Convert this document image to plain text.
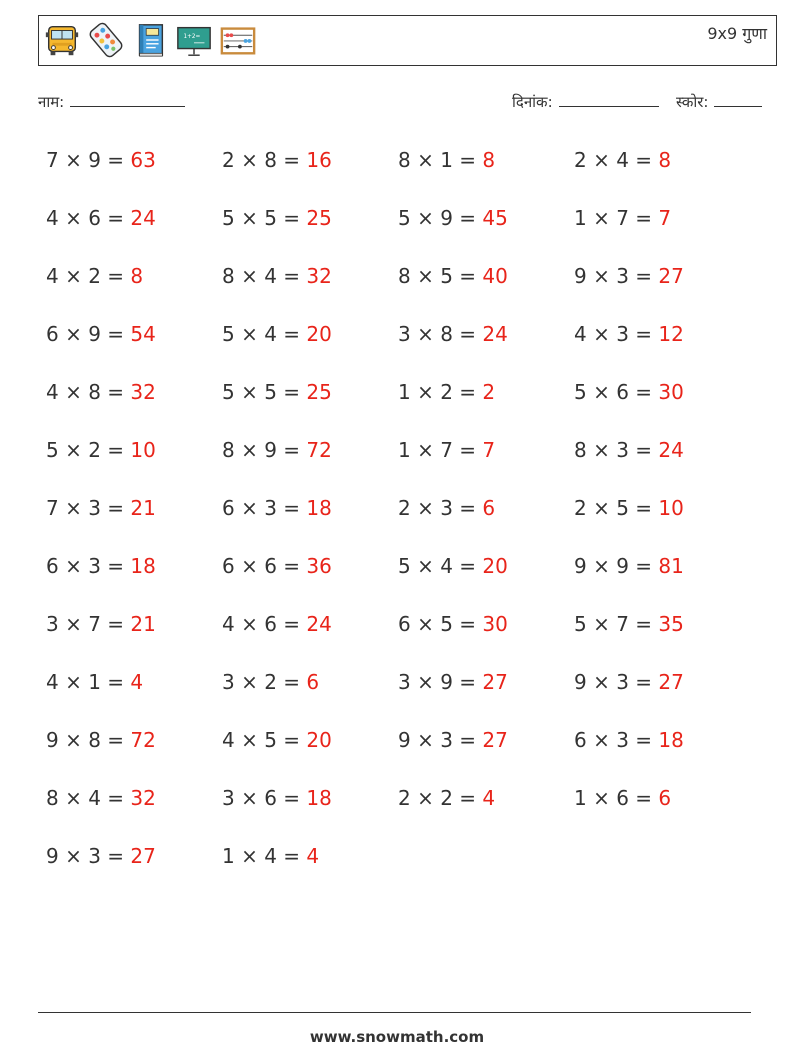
1+2=	9x9 गुणा
नाम:	दिनांक:	स्कोर:
7 × 9 = 63	2 × 8 = 16	8 × 1 = 8	2 × 4 = 8
4 × 6 = 24	5 × 5 = 25	5 × 9 = 45	1 × 7 = 7
4 × 2 = 8	8 × 4 = 32	8 × 5 = 40	9 × 3 = 27
6 × 9 = 54	5 × 4 = 20	3 × 8 = 24	4 × 3 = 12
4 × 8 = 32	5 × 5 = 25	1 × 2 = 2	5 × 6 = 30
5 × 2 = 10	8 × 9 = 72	1 × 7 = 7	8 × 3 = 24
7 × 3 = 21	6 × 3 = 18	2 × 3 = 6	2 × 5 = 10
6 × 3 = 18	6 × 6 = 36	5 × 4 = 20	9 × 9 = 81
3 × 7 = 21	4 × 6 = 24	6 × 5 = 30	5 × 7 = 35
4 × 1 = 4	3 × 2 = 6	3 × 9 = 27	9 × 3 = 27
9 × 8 = 72	4 × 5 = 20	9 × 3 = 27	6 × 3 = 18
8 × 4 = 32	3 × 6 = 18	2 × 2 = 4	1 × 6 = 6
9 × 3 = 27	1 × 4 = 4
www.snowmath.com
